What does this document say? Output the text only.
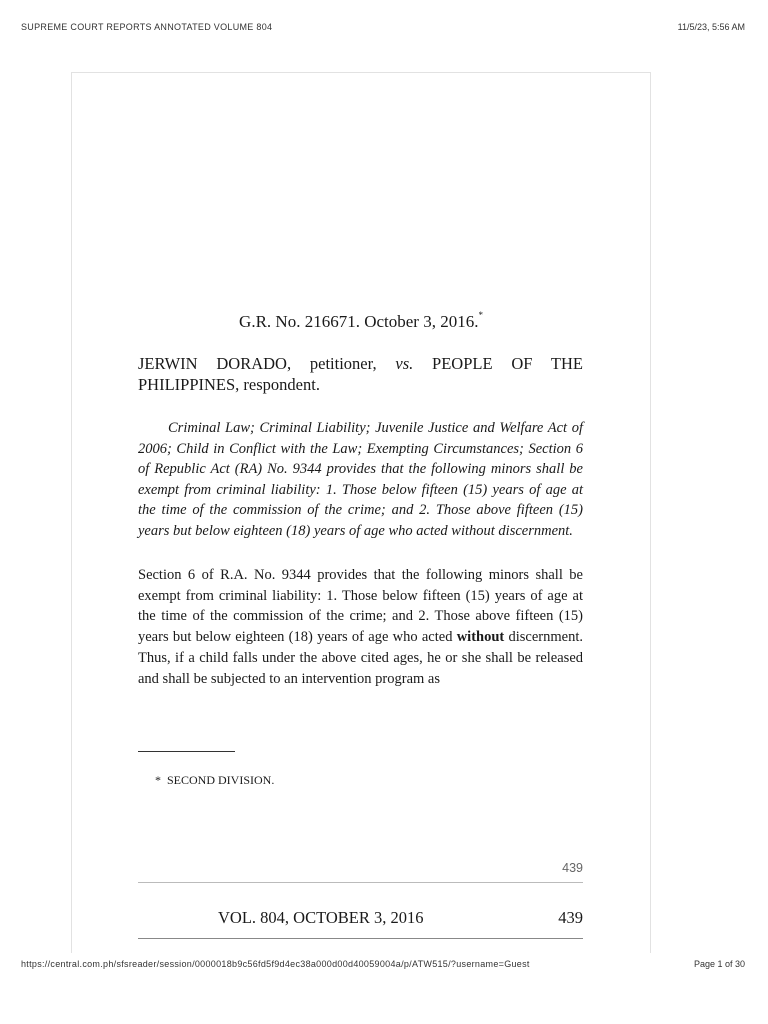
SUPREME COURT REPORTS ANNOTATED VOLUME 804	11/5/23, 5:56 AM
G.R. No. 216671. October 3, 2016.*
JERWIN DORADO, petitioner, vs. PEOPLE OF THE PHILIPPINES, respondent.
Criminal Law; Criminal Liability; Juvenile Justice and Welfare Act of 2006; Child in Conflict with the Law; Exempting Circumstances; Section 6 of Republic Act (RA) No. 9344 provides that the following minors shall be exempt from criminal liability: 1. Those below fifteen (15) years of age at the time of the commission of the crime; and 2. Those above fifteen (15) years but below eighteen (18) years of age who acted without discernment.
Section 6 of R.A. No. 9344 provides that the following minors shall be exempt from criminal liability: 1. Those below fifteen (15) years of age at the time of the commission of the crime; and 2. Those above fifteen (15) years but below eighteen (18) years of age who acted without discernment. Thus, if a child falls under the above cited ages, he or she shall be released and shall be subjected to an intervention program as
* SECOND DIVISION.
439
VOL. 804, OCTOBER 3, 2016	439
https://central.com.ph/sfsreader/session/0000018b9c56fd5f9d4ec38a000d00d40059004a/p/ATW515/?username=Guest	Page 1 of 30
